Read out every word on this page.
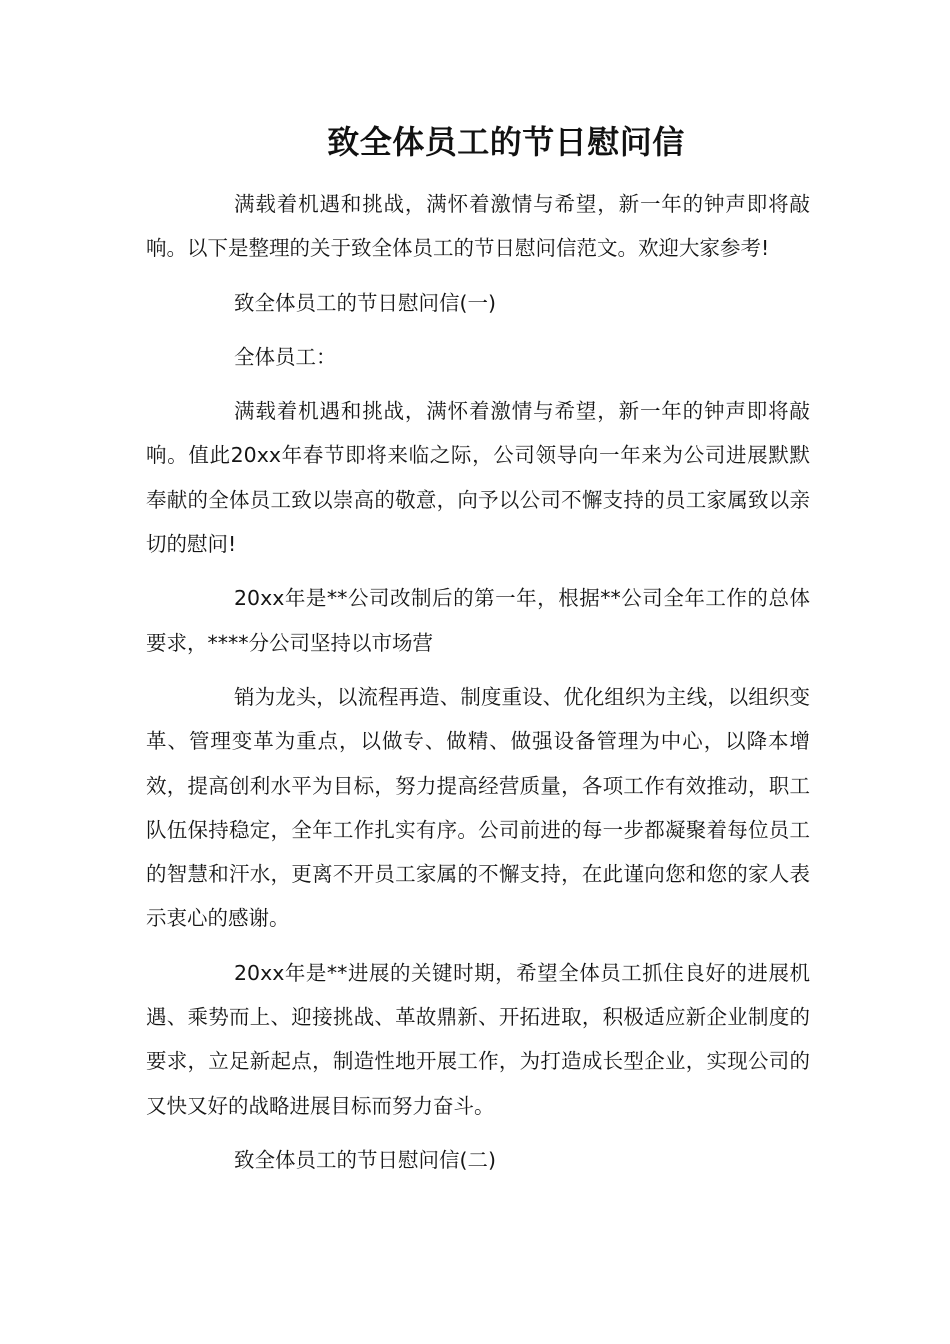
致全体员工的节日慰问信

满载着机遇和挑战，满怀着激情与希望，新一年的钟声即将敲响。以下是整理的关于致全体员工的节日慰问信范文。欢迎大家参考!

致全体员工的节日慰问信(一)

全体员工：

满载着机遇和挑战，满怀着激情与希望，新一年的钟声即将敲响。值此20xx年春节即将来临之际，公司领导向一年来为公司进展默默奉献的全体员工致以崇高的敬意，向予以公司不懈支持的员工家属致以亲切的慰问!

20xx年是**公司改制后的第一年，根据**公司全年工作的总体要求，****分公司坚持以市场营

销为龙头，以流程再造、制度重设、优化组织为主线，以组织变革、管理变革为重点，以做专、做精、做强设备管理为中心，以降本增效，提高创利水平为目标，努力提高经营质量，各项工作有效推动，职工队伍保持稳定，全年工作扎实有序。公司前进的每一步都凝聚着每位员工的智慧和汗水，更离不开员工家属的不懈支持，在此谨向您和您的家人表示衷心的感谢。

20xx年是**进展的关键时期，希望全体员工抓住良好的进展机遇、乘势而上、迎接挑战、革故鼎新、开拓进取，积极适应新企业制度的要求，立足新起点，制造性地开展工作，为打造成长型企业，实现公司的又快又好的战略进展目标而努力奋斗。

致全体员工的节日慰问信(二)
